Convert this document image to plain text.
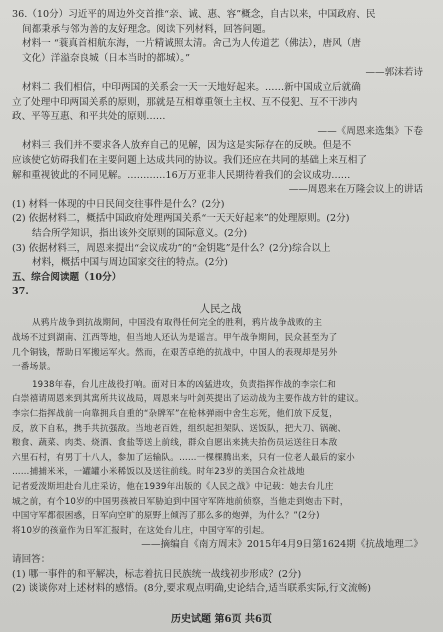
36.（10分）习近平的周边外交首推“亲、诚、惠、容”概念，自古以来，中国政府、民
间都秉承与邻为善的友好理念。阅读下列材料，回答问题。
材料一 “蓑真首相航东海，一片精诚照太清。舍己为人传道艺（佛法），唐风（唐
文化）洋溢奈良城（日本当时的都城）。”
——郭沫若诗
材料二 我们相信，中印两国的关系会一天一天地好起来。……新中国成立后就确
立了处理中印两国关系的原则，那就是互相尊重领土主权、互不侵犯、互不干涉内
政、平等互惠、和平共处的原则……
——《周恩来选集》下卷
材料三 我们并不要求各人放弃自己的见解，因为这是实际存在的反映。但是不
应该使它妨碍我们在主要问题上达成共同的协议。我们还应在共同的基础上来互相了
解和重视彼此的不同见解。…………16万万亚非人民期待着我们的会议成功……
——周恩来在万隆会议上的讲话
(1) 材料一体现的中日民间交往事件是什么？(2分)
(2) 依据材料二，概括中国政府处理两国关系“一天天好起来”的处理原则。(2分)
结合所学知识，指出该外交原则的国际意义。(2分)
(3) 依据材料三，周恩来提出“会议成功”的“金钥匙”是什么？(2分)综合以上
材料，概括中国与周边国家交往的特点。(2分)
五、综合阅读题（10分）
37.
人民之战
从鸦片战争到抗战期间，中国没有取得任何完全的胜利，鸦片战争战败的主
战场不过到湖南、江西等地，但当地人还认为是谣言。甲午战争期间，民众甚至为了
几个铜钱，帮助日军搬运军火。然而，在艰苦卓绝的抗战中，中国人的表现却是另外
一番场景。
1938年春，台儿庄战役打响。面对日本的凶猛进攻，负责指挥作战的李宗仁和
白崇禧请周恩来到其寓所共议战局，周恩来与叶剑英提出了运动战为主要作战方针的建议。
李宗仁指挥战前一向靠拥兵自重的“杂牌军”在枪林弹雨中舍生忘死，他们放下反复，
反，放下自私，携手共抗强敌。当地老百姓，组织起担架队、送饭队，把大刀、锅碗、
粮食、蔬菜、肉类、烧酒、食盐等送上前线，群众自愿出来挑夫抬伤员运送往日本敌
六里石村，有男丁十八人，参加了运输队。……一棵棵腾出来，只有一位老人最后的家小
……捕捕米米，一罐罐小米稀饭以及送往前线。时年23岁的美国合众社战地
记者爱泼斯坦赴台儿庄采访，他在1939年出版的《人民之战》中记载：她去台儿庄
城之前，有个10岁的中国男孩被日军胁迫到中国守军阵地前侦察，当他走到炮击下时，
中国守军都很困惑，日军向空旷的原野上倾泻了那么多的炮弹，为什么？”(2分)
将10岁的孩童作为日军汇报时，在这处台儿庄，中国守军的引起。
——摘编自《南方周末》2015年4月9日第1624期《抗战地理二》
请回答：
(1) 哪一事件的和平解决，标志着抗日民族统一战线初步形成？(2分)
(2) 谈谈你对上述材料的感悟。(8分,要求观点明确,史论结合,适当联系实际,行文流畅)
历史试题 第6页 共6页
